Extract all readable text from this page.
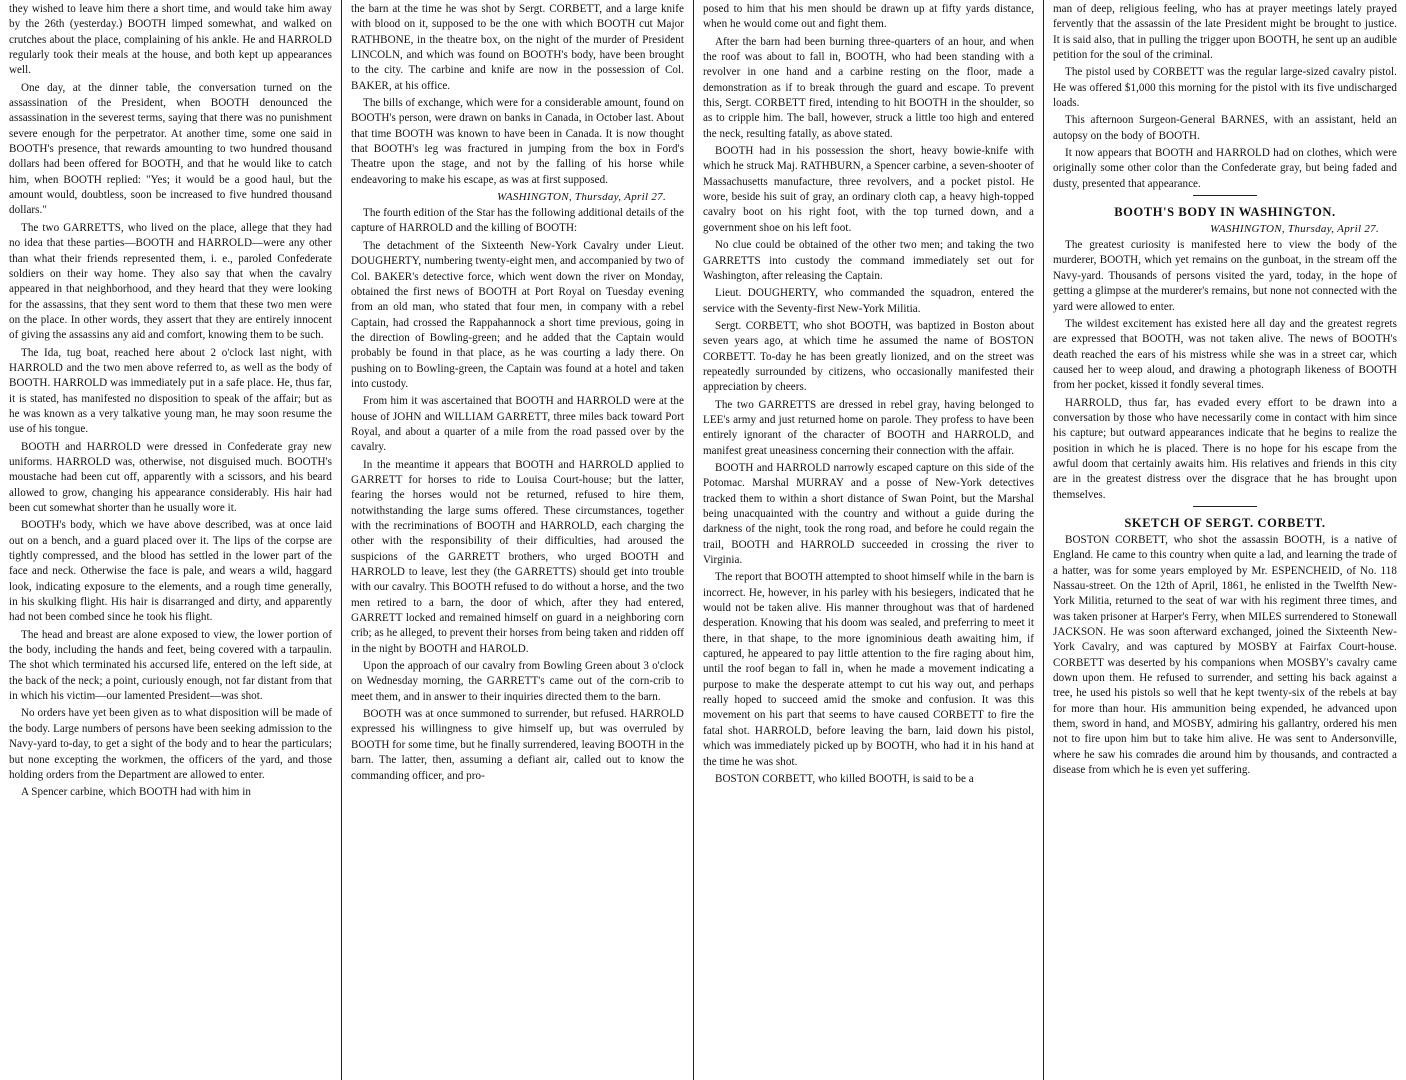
they wished to leave him there a short time, and would take him away by the 26th (yesterday.) BOOTH limped somewhat, and walked on crutches about the place, complaining of his ankle. He and HARROLD regularly took their meals at the house, and both kept up appearances well.

One day, at the dinner table, the conversation turned on the assassination of the President, when BOOTH denounced the assassination in the severest terms, saying that there was no punishment severe enough for the perpetrator. At another time, some one said in BOOTH's presence, that rewards amounting to two hundred thousand dollars had been offered for BOOTH, and that he would like to catch him, when BOOTH replied: "Yes; it would be a good haul, but the amount would, doubtless, soon be increased to five hundred thousand dollars."

The two GARRETTS, who lived on the place, allege that they had no idea that these parties—BOOTH and HARROLD—were any other than what their friends represented them, i. e., paroled Confederate soldiers on their way home. They also say that when the cavalry appeared in that neighborhood, and they heard that they were looking for the assassins, that they sent word to them that these two men were on the place. In other words, they assert that they are entirely innocent of giving the assassins any aid and comfort, knowing them to be such.

The Ida, tug boat, reached here about 2 o'clock last night, with HARROLD and the two men above referred to, as well as the body of BOOTH. HARROLD was immediately put in a safe place. He, thus far, it is stated, has manifested no disposition to speak of the affair; but as he was known as a very talkative young man, he may soon resume the use of his tongue.

BOOTH and HARROLD were dressed in Confederate gray new uniforms. HARROLD was, otherwise, not disguised much. BOOTH's moustache had been cut off, apparently with a scissors, and his beard allowed to grow, changing his appearance considerably. His hair had been cut somewhat shorter than he usually wore it.

BOOTH's body, which we have above described, was at once laid out on a bench, and a guard placed over it. The lips of the corpse are tightly compressed, and the blood has settled in the lower part of the face and neck. Otherwise the face is pale, and wears a wild, haggard look, indicating exposure to the elements, and a rough time generally, in his skulking flight. His hair is disarranged and dirty, and apparently had not been combed since he took his flight.

The head and breast are alone exposed to view, the lower portion of the body, including the hands and feet, being covered with a tarpaulin. The shot which terminated his accursed life, entered on the left side, at the back of the neck; a point, curiously enough, not far distant from that in which his victim—our lamented President—was shot.

No orders have yet been given as to what disposition will be made of the body. Large numbers of persons have been seeking admission to the Navy-yard to-day, to get a sight of the body and to hear the particulars; but none excepting the workmen, the officers of the yard, and those holding orders from the Department are allowed to enter.

A Spencer carbine, which BOOTH had with him in

the barn at the time he was shot by Sergt. CORBETT, and a large knife with blood on it, supposed to be the one with which BOOTH cut Major RATHBONE, in the theatre box, on the night of the murder of President LINCOLN, and which was found on BOOTH's body, have been brought to the city. The carbine and knife are now in the possession of Col. BAKER, at his office.

The bills of exchange, which were for a considerable amount, found on BOOTH's person, were drawn on banks in Canada, in October last. About that time BOOTH was known to have been in Canada. It is now thought that BOOTH's leg was fractured in jumping from the box in Ford's Theatre upon the stage, and not by the falling of his horse while endeavoring to make his escape, as was at first supposed.

WASHINGTON, Thursday, April 27.

The fourth edition of the Star has the following additional details of the capture of HARROLD and the killing of BOOTH:

The detachment of the Sixteenth New-York Cavalry under Lieut. DOUGHERTY, numbering twenty-eight men, and accompanied by two of Col. BAKER's detective force, which went down the river on Monday, obtained the first news of BOOTH at Port Royal on Tuesday evening from an old man, who stated that four men, in company with a rebel Captain, had crossed the Rappahannock a short time previous, going in the direction of Bowling-green; and he added that the Captain would probably be found in that place, as he was courting a lady there. On pushing on to Bowling-green, the Captain was found at a hotel and taken into custody.

From him it was ascertained that BOOTH and HARROLD were at the house of JOHN and WILLIAM GARRETT, three miles back toward Port Royal, and about a quarter of a mile from the road passed over by the cavalry.

In the meantime it appears that BOOTH and HARROLD applied to GARRETT for horses to ride to Louisa Court-house; but the latter, fearing the horses would not be returned, refused to hire them, notwithstanding the large sums offered. These circumstances, together with the recriminations of BOOTH and HARROLD, each charging the other with the responsibility of their difficulties, had aroused the suspicions of the GARRETT brothers, who urged BOOTH and HARROLD to leave, lest they (the GARRETTS) should get into trouble with our cavalry. This BOOTH refused to do without a horse, and the two men retired to a barn, the door of which, after they had entered, GARRETT locked and remained himself on guard in a neighboring corn crib; as he alleged, to prevent their horses from being taken and ridden off in the night by BOOTH and HAROLD.

Upon the approach of our cavalry from Bowling Green about 3 o'clock on Wednesday morning, the GARRETT's came out of the corn-crib to meet them, and in answer to their inquiries directed them to the barn.

BOOTH was at once summoned to surrender, but refused. HARROLD expressed his willingness to give himself up, but was overruled by BOOTH for some time, but he finally surrendered, leaving BOOTH in the barn. The latter, then, assuming a defiant air, called out to know the commanding officer, and pro-

posed to him that his men should be drawn up at fifty yards distance, when he would come out and fight them.

After the barn had been burning three-quarters of an hour, and when the roof was about to fall in, BOOTH, who had been standing with a revolver in one hand and a carbine resting on the floor, made a demonstration as if to break through the guard and escape. To prevent this, Sergt. CORBETT fired, intending to hit BOOTH in the shoulder, so as to cripple him. The ball, however, struck a little too high and entered the neck, resulting fatally, as above stated.

BOOTH had in his possession the short, heavy bowie-knife with which he struck Maj. RATHBURN, a Spencer carbine, a seven-shooter of Massachusetts manufacture, three revolvers, and a pocket pistol. He wore, beside his suit of gray, an ordinary cloth cap, a heavy high-topped cavalry boot on his right foot, with the top turned down, and a government shoe on his left foot.

No clue could be obtained of the other two men; and taking the two GARRETTS into custody the command immediately set out for Washington, after releasing the Captain.

Lieut. DOUGHERTY, who commanded the squadron, entered the service with the Seventy-first New-York Militia.

Sergt. CORBETT, who shot BOOTH, was baptized in Boston about seven years ago, at which time he assumed the name of BOSTON CORBETT. To-day he has been greatly lionized, and on the street was repeatedly surrounded by citizens, who occasionally manifested their appreciation by cheers.

The two GARRETTS are dressed in rebel gray, having belonged to LEE's army and just returned home on parole. They profess to have been entirely ignorant of the character of BOOTH and HARROLD, and manifest great uneasiness concerning their connection with the affair.

BOOTH and HARROLD narrowly escaped capture on this side of the Potomac. Marshal MURRAY and a posse of New-York detectives tracked them to within a short distance of Swan Point, but the Marshal being unacquainted with the country and without a guide during the darkness of the night, took the rong road, and before he could regain the trail, BOOTH and HARROLD succeeded in crossing the river to Virginia.

The report that BOOTH attempted to shoot himself while in the barn is incorrect. He, however, in his parley with his besiegers, indicated that he would not be taken alive. His manner throughout was that of hardened desperation. Knowing that his doom was sealed, and preferring to meet it there, in that shape, to the more ignominious death awaiting him, if captured, he appeared to pay little attention to the fire raging about him, until the roof began to fall in, when he made a movement indicating a purpose to make the desperate attempt to cut his way out, and perhaps really hoped to succeed amid the smoke and confusion. It was this movement on his part that seems to have caused CORBETT to fire the fatal shot. HARROLD, before leaving the barn, laid down his pistol, which was immediately picked up by BOOTH, who had it in his hand at the time he was shot.

BOSTON CORBETT, who killed BOOTH, is said to be a

man of deep, religious feeling, who has at prayer meetings lately prayed fervently that the assassin of the late President might be brought to justice. It is said also, that in pulling the trigger upon BOOTH, he sent up an audible petition for the soul of the criminal.

The pistol used by CORBETT was the regular large-sized cavalry pistol. He was offered $1,000 this morning for the pistol with its five undischarged loads.

This afternoon Surgeon-General BARNES, with an assistant, held an autopsy on the body of BOOTH.

It now appears that BOOTH and HARROLD had on clothes, which were originally some other color than the Confederate gray, but being faded and dusty, presented that appearance.

BOOTH'S BODY IN WASHINGTON.
WASHINGTON, Thursday, April 27.

The greatest curiosity is manifested here to view the body of the murderer, BOOTH, which yet remains on the gunboat, in the stream off the Navy-yard. Thousands of persons visited the yard, today, in the hope of getting a glimpse at the murderer's remains, but none not connected with the yard were allowed to enter.

The wildest excitement has existed here all day and the greatest regrets are expressed that BOOTH, was not taken alive. The news of BOOTH's death reached the ears of his mistress while she was in a street car, which caused her to weep aloud, and drawing a photograph likeness of BOOTH from her pocket, kissed it fondly several times.

HARROLD, thus far, has evaded every effort to be drawn into a conversation by those who have necessarily come in contact with him since his capture; but outward appearances indicate that he begins to realize the position in which he is placed. There is no hope for his escape from the awful doom that certainly awaits him. His relatives and friends in this city are in the greatest distress over the disgrace that he has brought upon themselves.

SKETCH OF SERGT. CORBETT.

BOSTON CORBETT, who shot the assassin BOOTH, is a native of England. He came to this country when quite a lad, and learning the trade of a hatter, was for some years employed by Mr. ESPENCHEID, of No. 118 Nassau-street. On the 12th of April, 1861, he enlisted in the Twelfth New-York Militia, returned to the seat of war with his regiment three times, and was taken prisoner at Harper's Ferry, when MILES surrendered to Stonewall JACKSON. He was soon afterward exchanged, joined the Sixteenth New-York Cavalry, and was captured by MOSBY at Fairfax Court-house. CORBETT was deserted by his companions when MOSBY's cavalry came down upon them. He refused to surrender, and setting his back against a tree, he used his pistols so well that he kept twenty-six of the rebels at bay for more than hour. His ammunition being expended, he advanced upon them, sword in hand, and MOSBY, admiring his gallantry, ordered his men not to fire upon him but to take him alive. He was sent to Andersonville, where he saw his comrades die around him by thousands, and contracted a disease from which he is even yet suffering.
